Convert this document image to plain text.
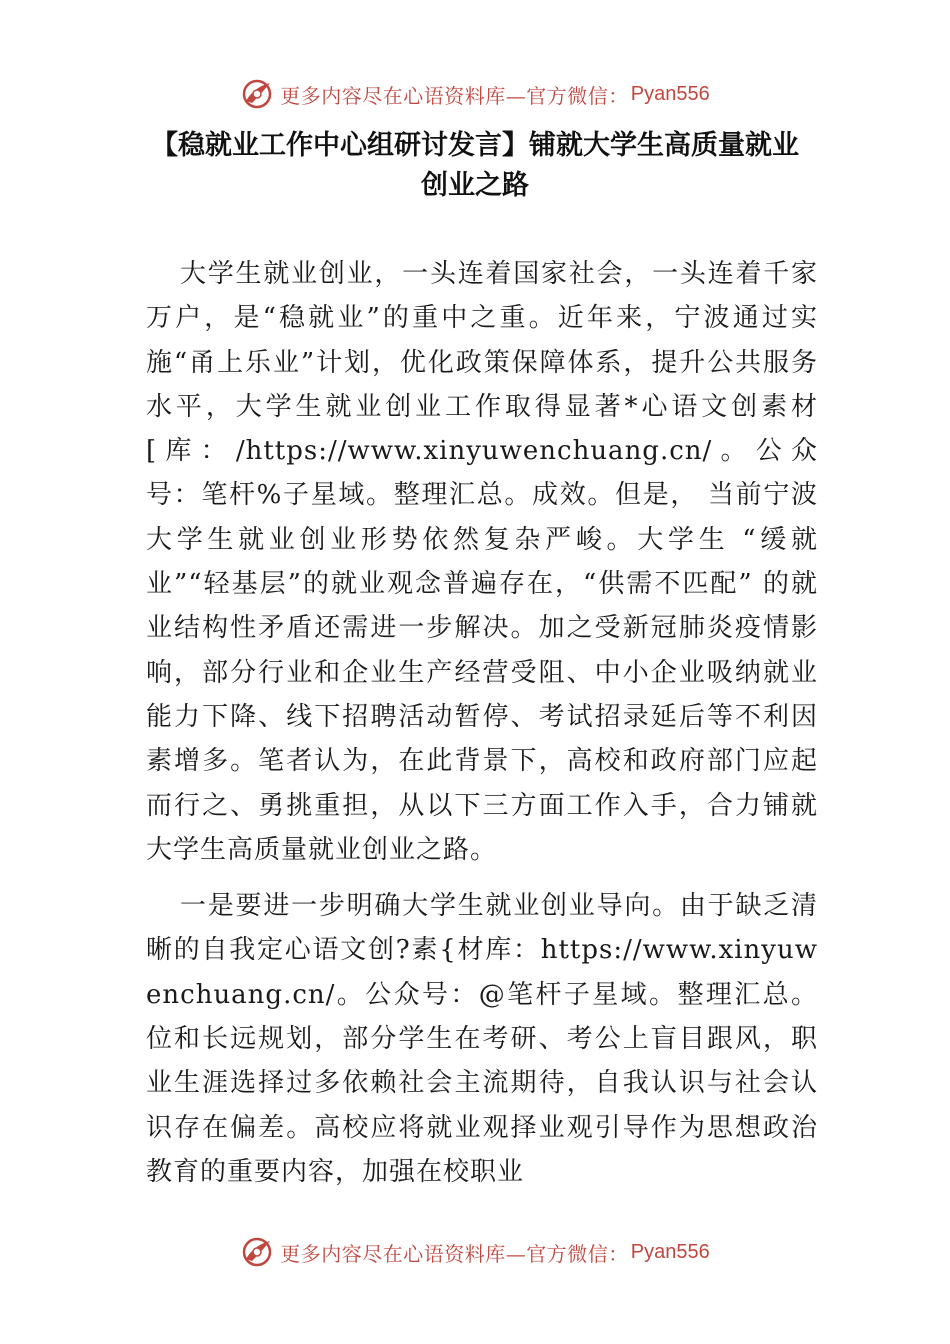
更多内容尽在心语资料库—官方微信： Pyan556
【稳就业工作中心组研讨发言】铺就大学生高质量就业创业之路

大学生就业创业，一头连着国家社会，一头连着千家万户，是“稳就业”的重中之重。近年来，宁波通过实施“甬上乐业”计划，优化政策保障体系，提升公共服务水平，大学生就业创业工作取得显著*心语文创素材[库：/https://www.xinyuwenchuang.cn/。公众号：笔杆%子星域。整理汇总。成效。但是， 当前宁波大学生就业创业形势依然复杂严峻。大学生 “缓就业”“轻基层”的就业观念普遍存在，“供需不匹配” 的就业结构性矛盾还需进一步解决。加之受新冠肺炎疫情影响，部分行业和企业生产经营受阻、中小企业吸纳就业能力下降、线下招聘活动暂停、考试招录延后等不利因素增多。笔者认为，在此背景下，高校和政府部门应起而行之、勇挑重担，从以下三方面工作入手，合力铺就大学生高质量就业创业之路。

一是要进一步明确大学生就业创业导向。由于缺乏清晰的自我定心语文创?素{材库：https://www.xinyuwenchuang.cn/。公众号：@笔杆子星域。整理汇总。位和长远规划，部分学生在考研、考公上盲目跟风，职业生涯选择过多依赖社会主流期待，自我认识与社会认识存在偏差。高校应将就业观择业观引导作为思想政治教育的重要内容，加强在校职业

更多内容尽在心语资料库—官方微信： Pyan556
